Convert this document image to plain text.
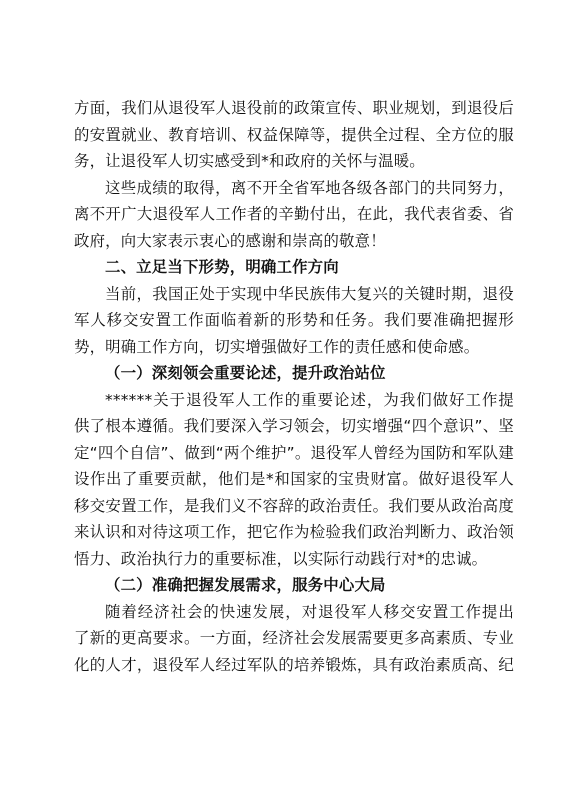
方面，我们从退役军人退役前的政策宣传、职业规划，到退役后
的安置就业、教育培训、权益保障等，提供全过程、全方位的服
务，让退役军人切实感受到*和政府的关怀与温暖。
这些成绩的取得，离不开全省军地各级各部门的共同努力，
离不开广大退役军人工作者的辛勤付出，在此，我代表省委、省
政府，向大家表示衷心的感谢和崇高的敬意！
二、立足当下形势，明确工作方向
当前，我国正处于实现中华民族伟大复兴的关键时期，退役
军人移交安置工作面临着新的形势和任务。我们要准确把握形
势，明确工作方向，切实增强做好工作的责任感和使命感。
（一）深刻领会重要论述，提升政治站位
******关于退役军人工作的重要论述，为我们做好工作提
供了根本遵循。我们要深入学习领会，切实增强“四个意识”、坚
定“四个自信”、做到“两个维护”。退役军人曾经为国防和军队建
设作出了重要贡献，他们是*和国家的宝贵财富。做好退役军人
移交安置工作，是我们义不容辞的政治责任。我们要从政治高度
来认识和对待这项工作，把它作为检验我们政治判断力、政治领
悟力、政治执行力的重要标准，以实际行动践行对*的忠诚。
（二）准确把握发展需求，服务中心大局
随着经济社会的快速发展，对退役军人移交安置工作提出
了新的更高要求。一方面，经济社会发展需要更多高素质、专业
化的人才，退役军人经过军队的培养锻炼，具有政治素质高、纪
